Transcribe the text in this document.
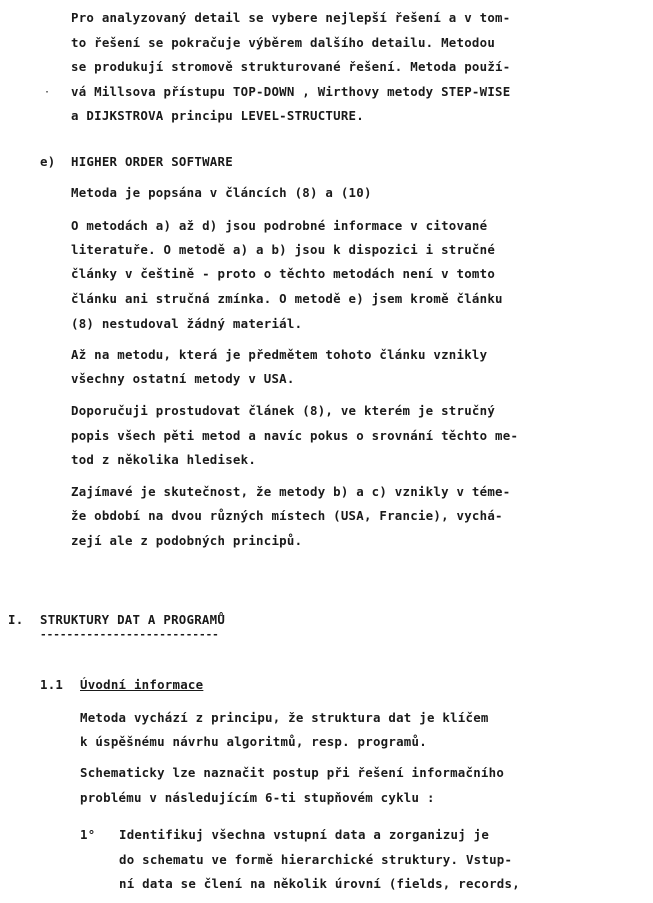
Pro analyzovaný detail se vybere nejlepší řešení a v tom-
to řešení se pokračuje výběrem dalšího detailu. Metodou
se produkují stromově strukturované řešení. Metoda použí-
vá Millsova přístupu TOP-DOWN , Wirthovy metody STEP-WISE
a DIJKSTROVA principu LEVEL-STRUCTURE.
·
e) HIGHER ORDER SOFTWARE
Metoda je popsána v článcích (8) a (10)
O metodách a) až d) jsou podrobné informace v citované
literatuře. O metodě a) a b) jsou k dispozici i stručné
články v češtině - proto o těchto metodách není v tomto
článku ani stručná zmínka. O metodě e) jsem kromě článku
(8) nestudoval žádný materiál.
Až na metodu, která je předmětem tohoto článku vznikly
všechny ostatní metody v USA.
Doporučuji prostudovat článek (8), ve kterém je stručný
popis všech pěti metod a navíc pokus o srovnání těchto me-
tod z několika hledisek.
Zajímavé je skutečnost, že metody b) a c) vznikly v téme-
že období na dvou různých místech (USA, Francie), vychá-
zejí ale z podobných principů.
I. STRUKTURY DAT A PROGRAMŮ
---------------------------
1.1 Úvodní informace
Metoda vychází z principu, že struktura dat je klíčem
k úspěšnému návrhu algoritmů, resp. programů.
Schematicky lze naznačit postup při řešení informačního
problému v následujícím 6-ti stupňovém cyklu :
1° Identifikuj všechna vstupní data a zorganizuj je
do schematu ve formě hierarchické struktury. Vstup-
ní data se člení na několik úrovní (fields, records,
